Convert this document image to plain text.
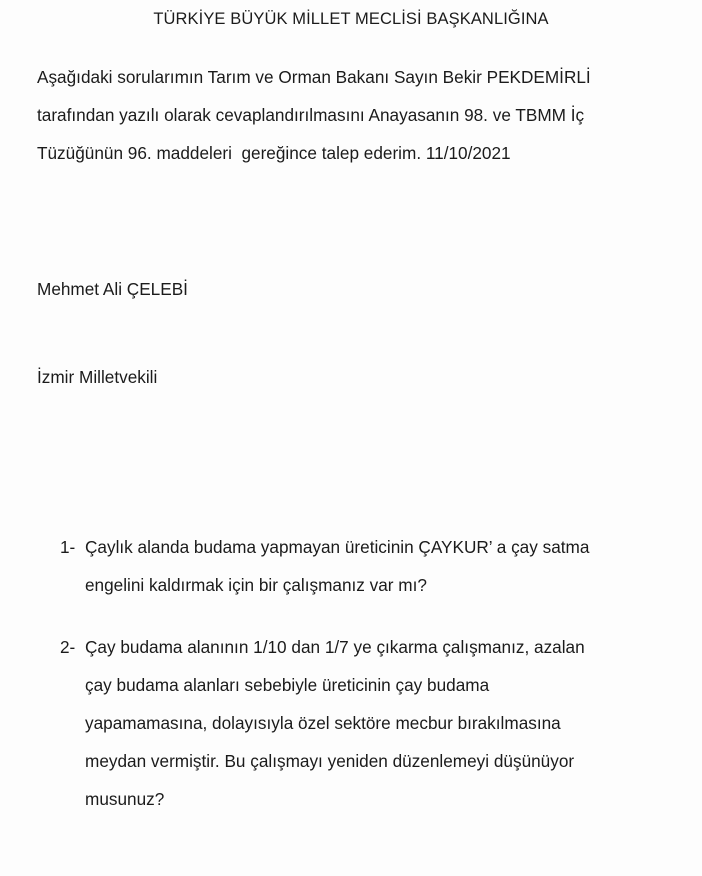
TÜRKİYE BÜYÜK MİLLET MECLİSİ BAŞKANLIĞINA
Aşağıdaki sorularımın Tarım ve Orman Bakanı Sayın Bekir PEKDEMİRLİ
tarafından yazılı olarak cevaplandırılmasını Anayasanın 98. ve TBMM İç
Tüzüğünün 96. maddeleri  gereğince talep ederim. 11/10/2021
Mehmet Ali ÇELEBİ
İzmir Milletvekili
1- Çaylık alanda budama yapmayan üreticinin ÇAYKUR’ a çay satma
engelini kaldırmak için bir çalışmanız var mı?
2- Çay budama alanının 1/10 dan 1/7 ye çıkarma çalışmanız, azalan
çay budama alanları sebebiyle üreticinin çay budama
yapamamasına, dolayısıyla özel sektöre mecbur bırakılmasına
meydan vermiştir. Bu çalışmayı yeniden düzenlemeyi düşünüyor
musunuz?
